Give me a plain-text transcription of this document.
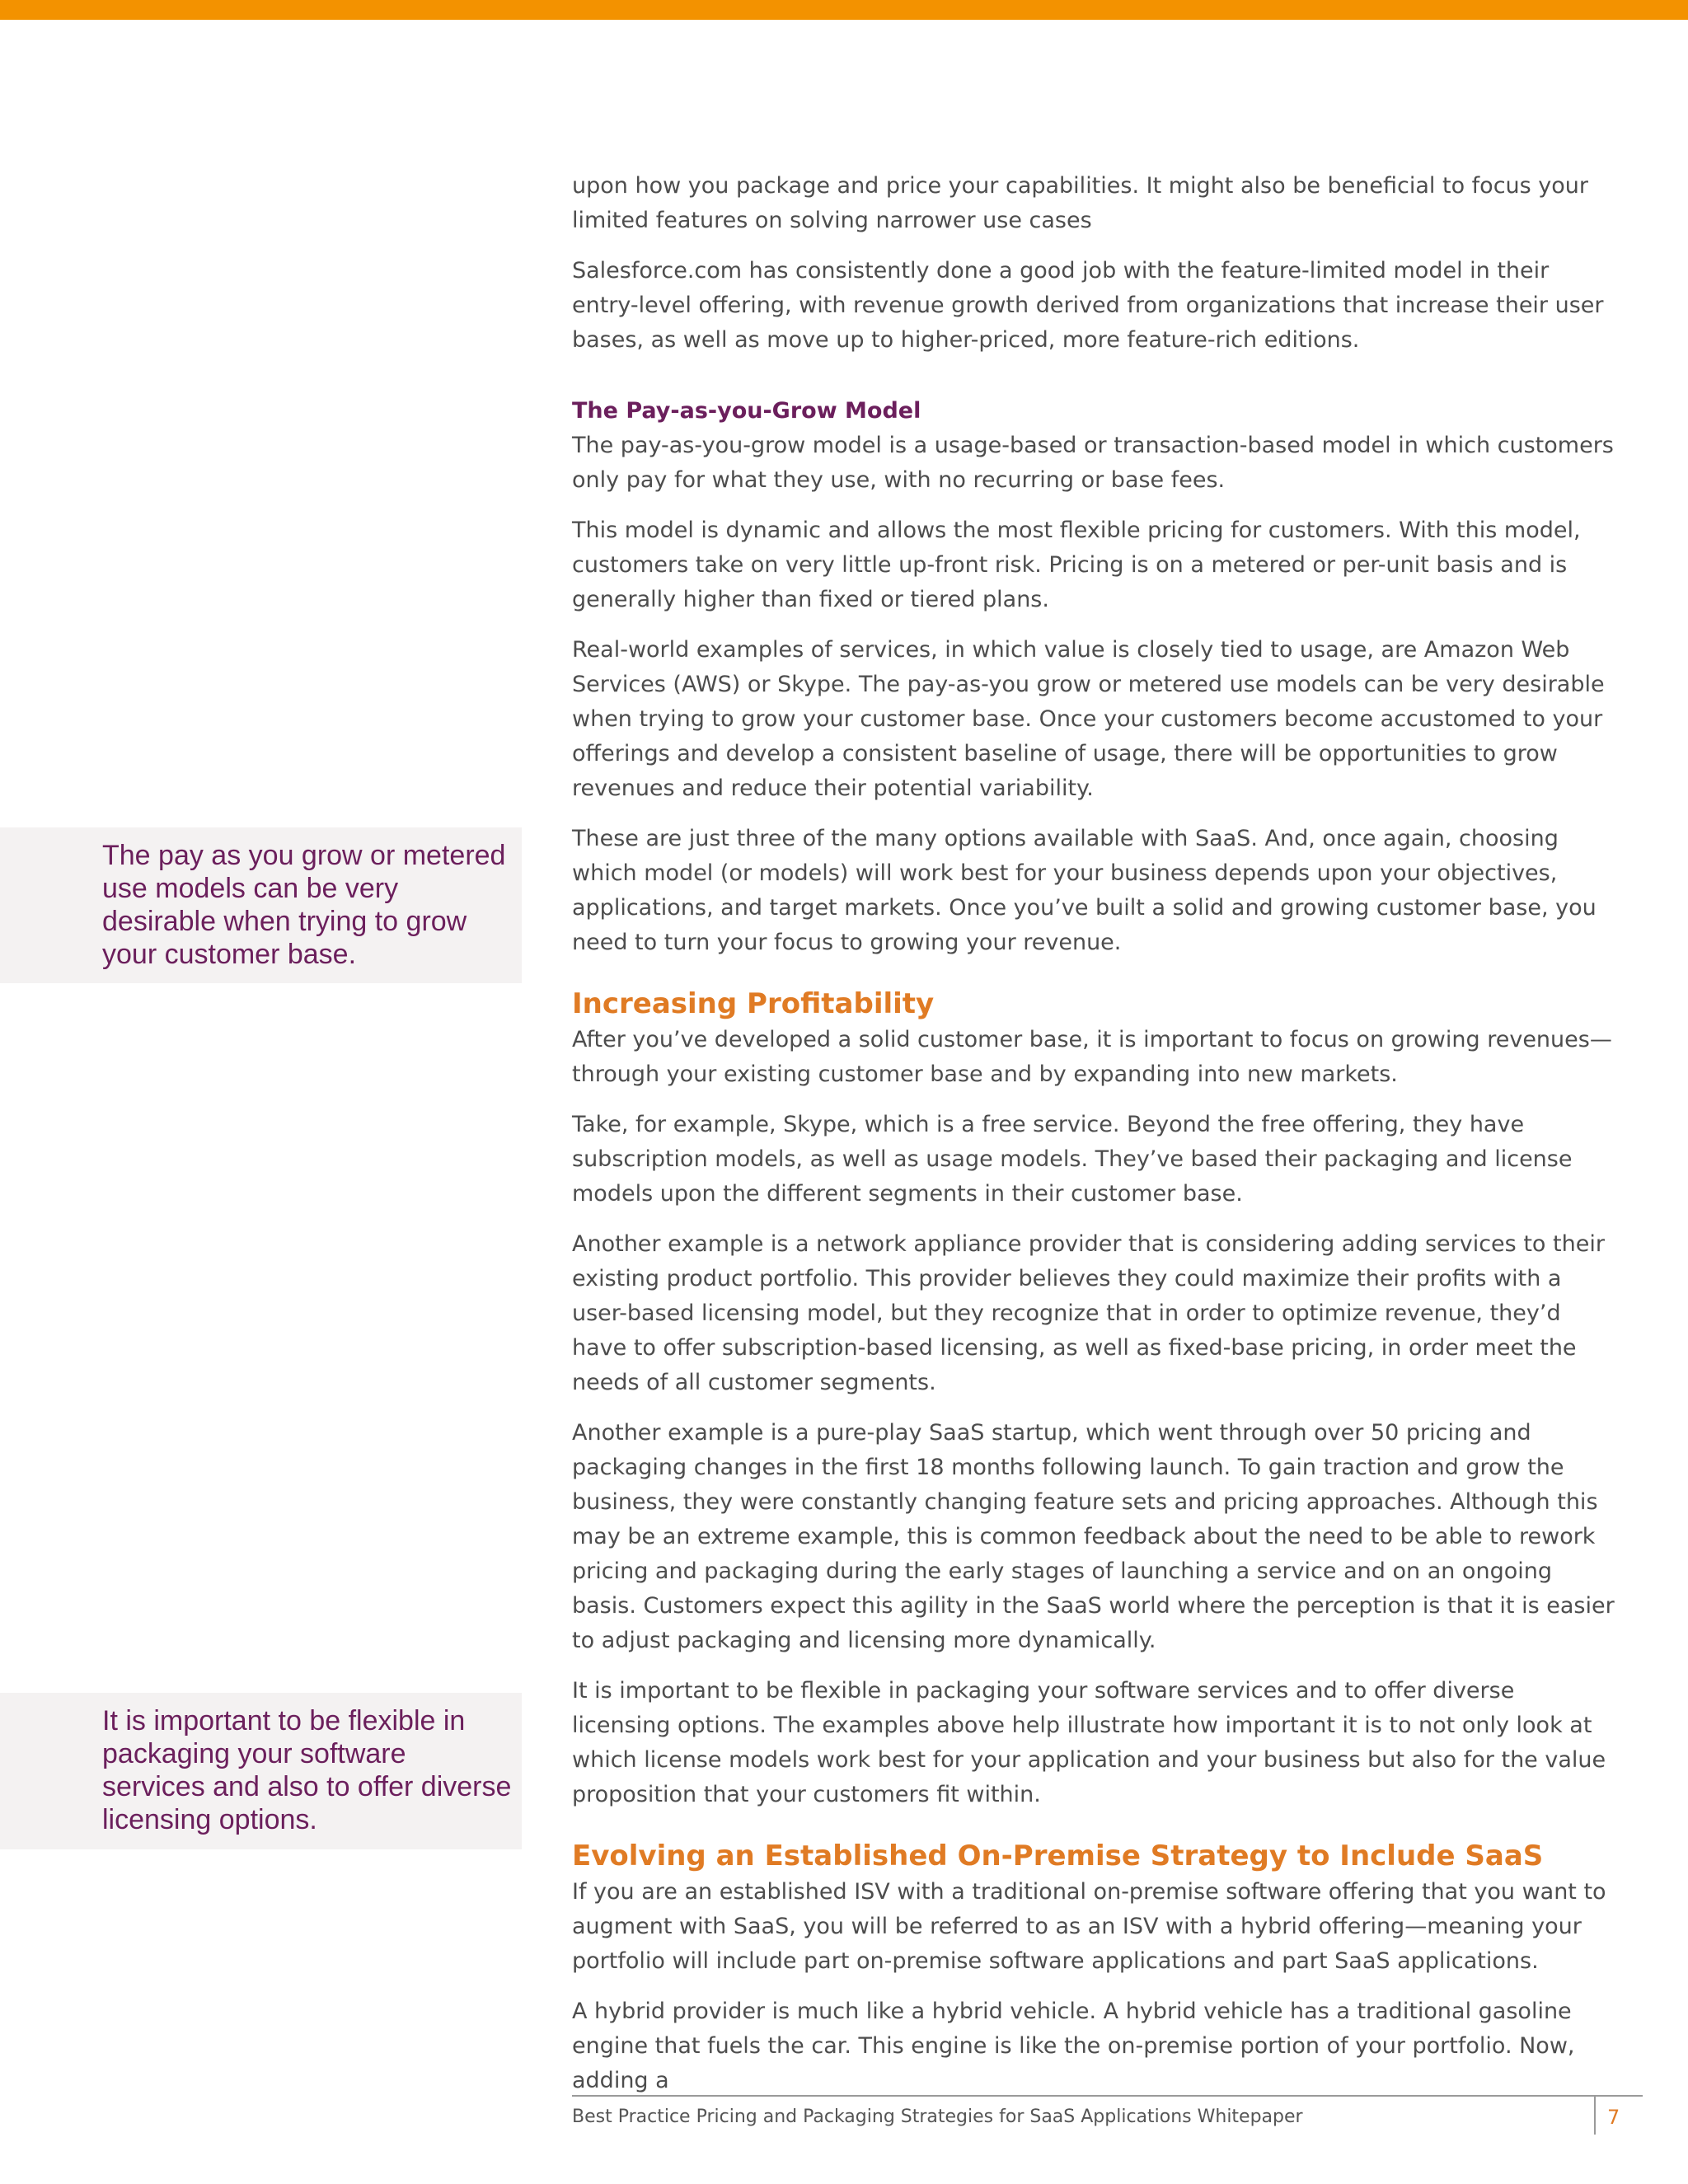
The pay as you grow or metered use models can be very desirable when trying to grow your customer base.

It is important to be flexible in packaging your software services and also to offer diverse licensing options.

upon how you package and price your capabilities. It might also be beneficial to focus your limited features on solving narrower use cases

Salesforce.com has consistently done a good job with the feature-limited model in their entry-level offering, with revenue growth derived from organizations that increase their user bases, as well as move up to higher-priced, more feature-rich editions.

The Pay-as-you-Grow Model

The pay-as-you-grow model is a usage-based or transaction-based model in which customers only pay for what they use, with no recurring or base fees.

This model is dynamic and allows the most flexible pricing for customers. With this model, customers take on very little up-front risk. Pricing is on a metered or per-unit basis and is generally higher than fixed or tiered plans.

Real-world examples of services, in which value is closely tied to usage, are Amazon Web Services (AWS) or Skype. The pay-as-you grow or metered use models can be very desirable when trying to grow your customer base. Once your customers become accustomed to your offerings and develop a consistent baseline of usage, there will be opportunities to grow revenues and reduce their potential variability.

These are just three of the many options available with SaaS. And, once again, choosing which model (or models) will work best for your business depends upon your objectives, applications, and target markets. Once you’ve built a solid and growing customer base, you need to turn your focus to growing your revenue.

Increasing Profitability

After you’ve developed a solid customer base, it is important to focus on growing revenues—through your existing customer base and by expanding into new markets.

Take, for example, Skype, which is a free service. Beyond the free offering, they have subscription models, as well as usage models. They’ve based their packaging and license models upon the different segments in their customer base.

Another example is a network appliance provider that is considering adding services to their existing product portfolio. This provider believes they could maximize their profits with a user-based licensing model, but they recognize that in order to optimize revenue, they’d have to offer subscription-based licensing, as well as fixed-base pricing, in order meet the needs of all customer segments.

Another example is a pure-play SaaS startup, which went through over 50 pricing and packaging changes in the first 18 months following launch. To gain traction and grow the business, they were constantly changing feature sets and pricing approaches. Although this may be an extreme example, this is common feedback about the need to be able to rework pricing and packaging during the early stages of launching a service and on an ongoing basis. Customers expect this agility in the SaaS world where the perception is that it is easier to adjust packaging and licensing more dynamically.

It is important to be flexible in packaging your software services and to offer diverse licensing options. The examples above help illustrate how important it is to not only look at which license models work best for your application and your business but also for the value proposition that your customers fit within.

Evolving an Established On-Premise Strategy to Include SaaS

If you are an established ISV with a traditional on-premise software offering that you want to augment with SaaS, you will be referred to as an ISV with a hybrid offering—meaning your portfolio will include part on-premise software applications and part SaaS applications.

A hybrid provider is much like a hybrid vehicle. A hybrid vehicle has a traditional gasoline engine that fuels the car. This engine is like the on-premise portion of your portfolio. Now, adding a

Best Practice Pricing and Packaging Strategies for SaaS Applications Whitepaper	7
